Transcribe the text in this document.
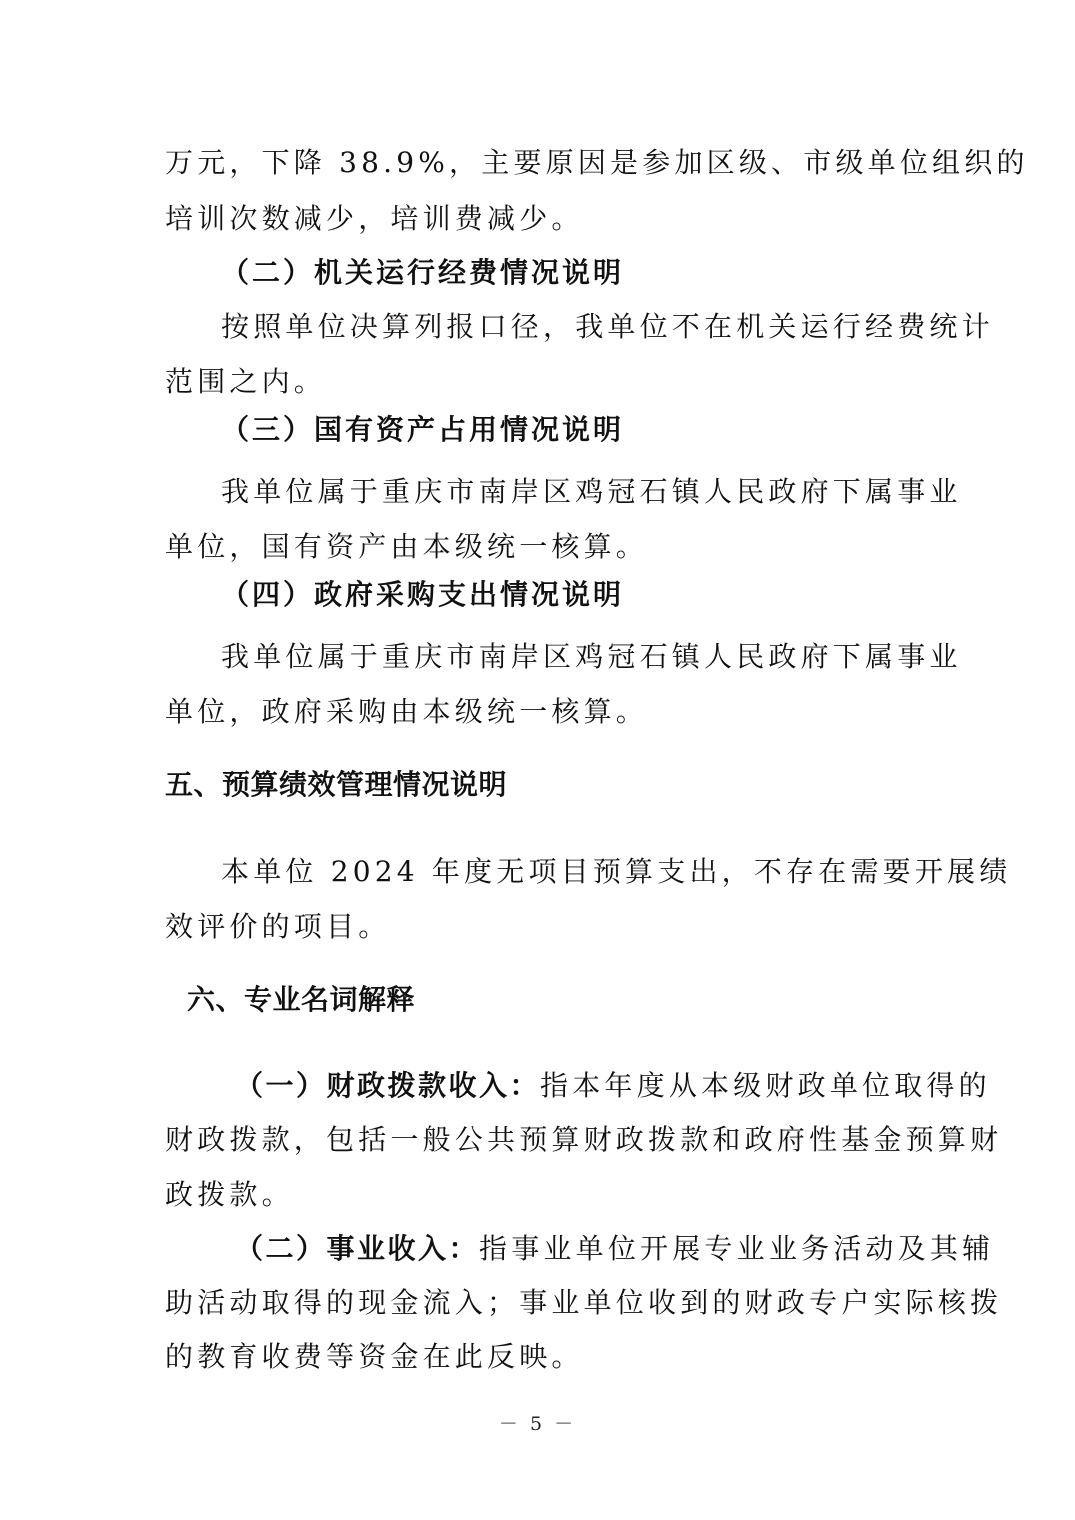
万元，下降 38.9%，主要原因是参加区级、市级单位组织的
培训次数减少，培训费减少。
（二）机关运行经费情况说明
按照单位决算列报口径，我单位不在机关运行经费统计
范围之内。
（三）国有资产占用情况说明
我单位属于重庆市南岸区鸡冠石镇人民政府下属事业
单位，国有资产由本级统一核算。
（四）政府采购支出情况说明
我单位属于重庆市南岸区鸡冠石镇人民政府下属事业
单位，政府采购由本级统一核算。
五、预算绩效管理情况说明
本单位 2024 年度无项目预算支出，不存在需要开展绩
效评价的项目。
六、专业名词解释
（一）财政拨款收入：指本年度从本级财政单位取得的
财政拨款，包括一般公共预算财政拨款和政府性基金预算财
政拨款。
（二）事业收入：指事业单位开展专业业务活动及其辅
助活动取得的现金流入；事业单位收到的财政专户实际核拨
的教育收费等资金在此反映。
－ 5 －
